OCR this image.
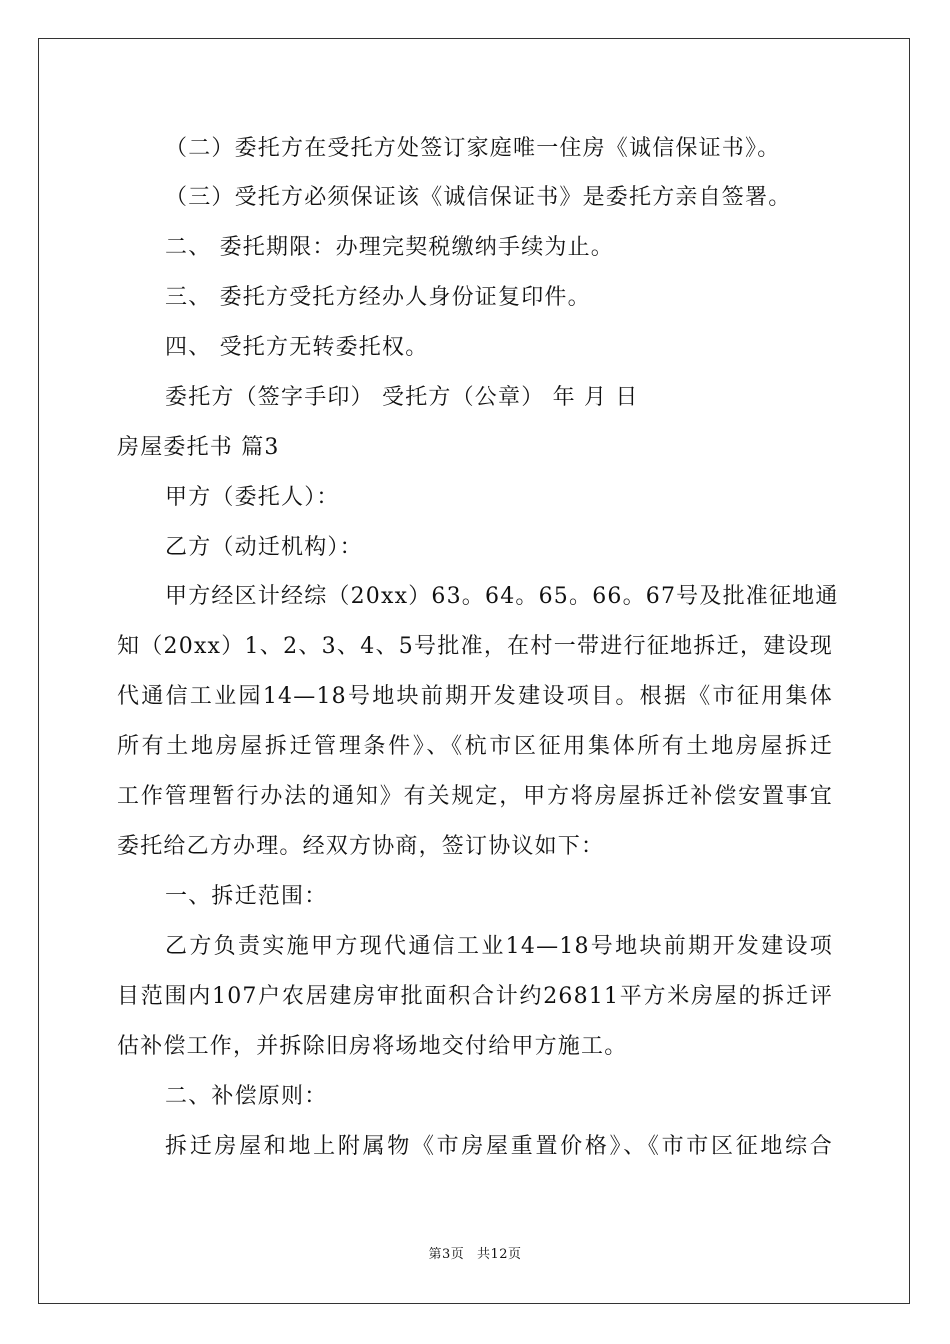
（二）委托方在受托方处签订家庭唯一住房《诚信保证书》。
（三）受托方必须保证该《诚信保证书》是委托方亲自签署。
二、 委托期限：办理完契税缴纳手续为止。
三、 委托方受托方经办人身份证复印件。
四、 受托方无转委托权。
委托方（签字手印） 受托方（公章） 年 月 日
房屋委托书 篇3
甲方（委托人）：
乙方（动迁机构）：
甲方经区计经综（20xx）63。64。65。66。67号及批准征地通
知（20xx）1、2、3、4、5号批准，在村一带进行征地拆迁，建设现
代通信工业园14—18号地块前期开发建设项目。根据《市征用集体
所有土地房屋拆迁管理条件》、《杭市区征用集体所有土地房屋拆迁
工作管理暂行办法的通知》有关规定，甲方将房屋拆迁补偿安置事宜
委托给乙方办理。经双方协商，签订协议如下：
一、拆迁范围：
乙方负责实施甲方现代通信工业14—18号地块前期开发建设项
目范围内107户农居建房审批面积合计约26811平方米房屋的拆迁评
估补偿工作，并拆除旧房将场地交付给甲方施工。
二、补偿原则：
拆迁房屋和地上附属物《市房屋重置价格》、《市市区征地综合
第3页 共12页
